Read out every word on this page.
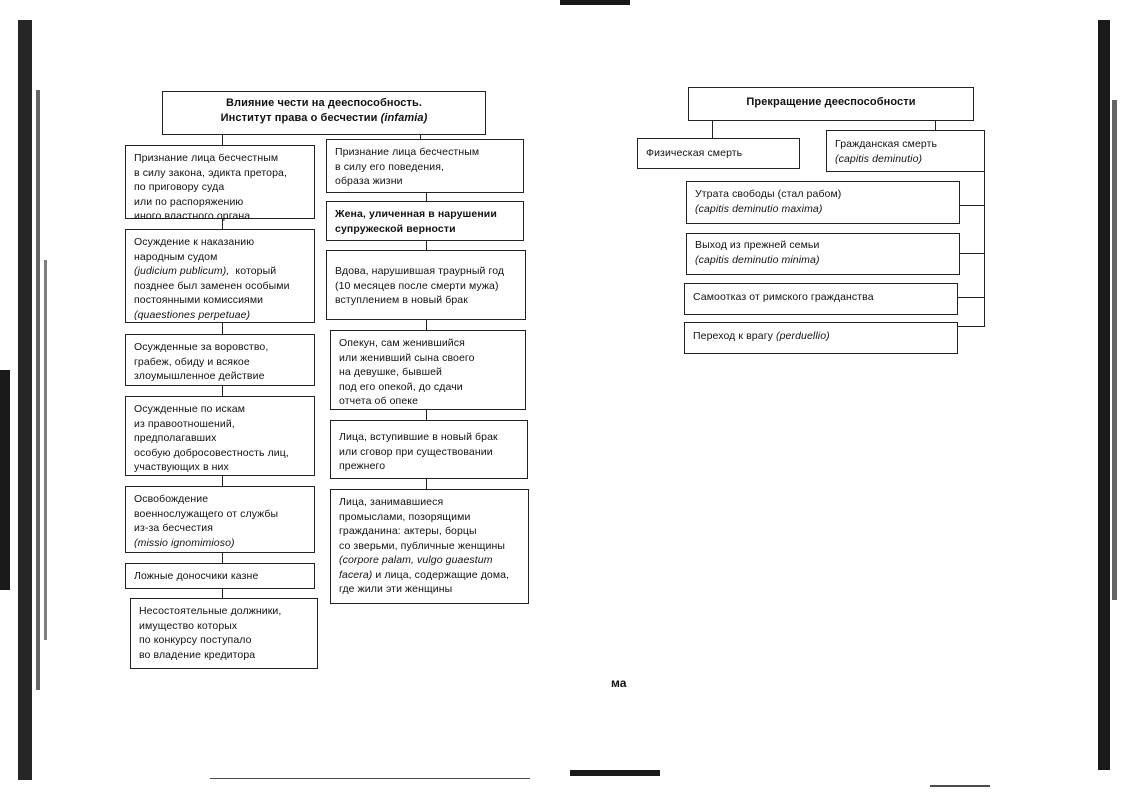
Влияние чести на дееспособность.
Институт права о бесчестии (infamia)
Признание лица бесчестным
в силу закона, эдикта претора,
по приговору суда
или по распоряжению
иного властного органа
Осуждение к наказанию
народным судом
(judicium publicum), который
позднее был заменен особыми
постоянными комиссиями
(quaestiones perpetuae)
Осужденные за воровство,
грабеж, обиду и всякое
злоумышленное действие
Осужденные по искам
из правоотношений,
предполагавших
особую добросовестность лиц,
участвующих в них
Освобождение
военнослужащего от службы
из-за бесчестия
(missio ignomimioso)
Ложные доносчики казне
Несостоятельные должники,
имущество которых
по конкурсу поступало
во владение кредитора
Признание лица бесчестным
в силу его поведения,
образа жизни
Жена, уличенная в нарушении
супружеской верности
Вдова, нарушившая траурный год
(10 месяцев после смерти мужа)
вступлением в новый брак
Опекун, сам женившийся
или женивший сына своего
на девушке, бывшей
под его опекой, до сдачи
отчета об опеке
Лица, вступившие в новый брак
или сговор при существовании
прежнего
Лица, занимавшиеся
промыслами, позорящими
гражданина: актеры, борцы
со зверьми, публичные женщины
(corpore palam, vulgo guaestum
facera) и лица, содержащие дома,
где жили эти женщины
Прекращение дееспособности
Физическая смерть
Гражданская смерть
(capitis deminutio)
Утрата свободы (стал рабом)
(capitis deminutio maxima)
Выход из прежней семьи
(capitis deminutio minima)
Самоотказ от римского гражданства
Переход к врагу (perduellio)
ма
